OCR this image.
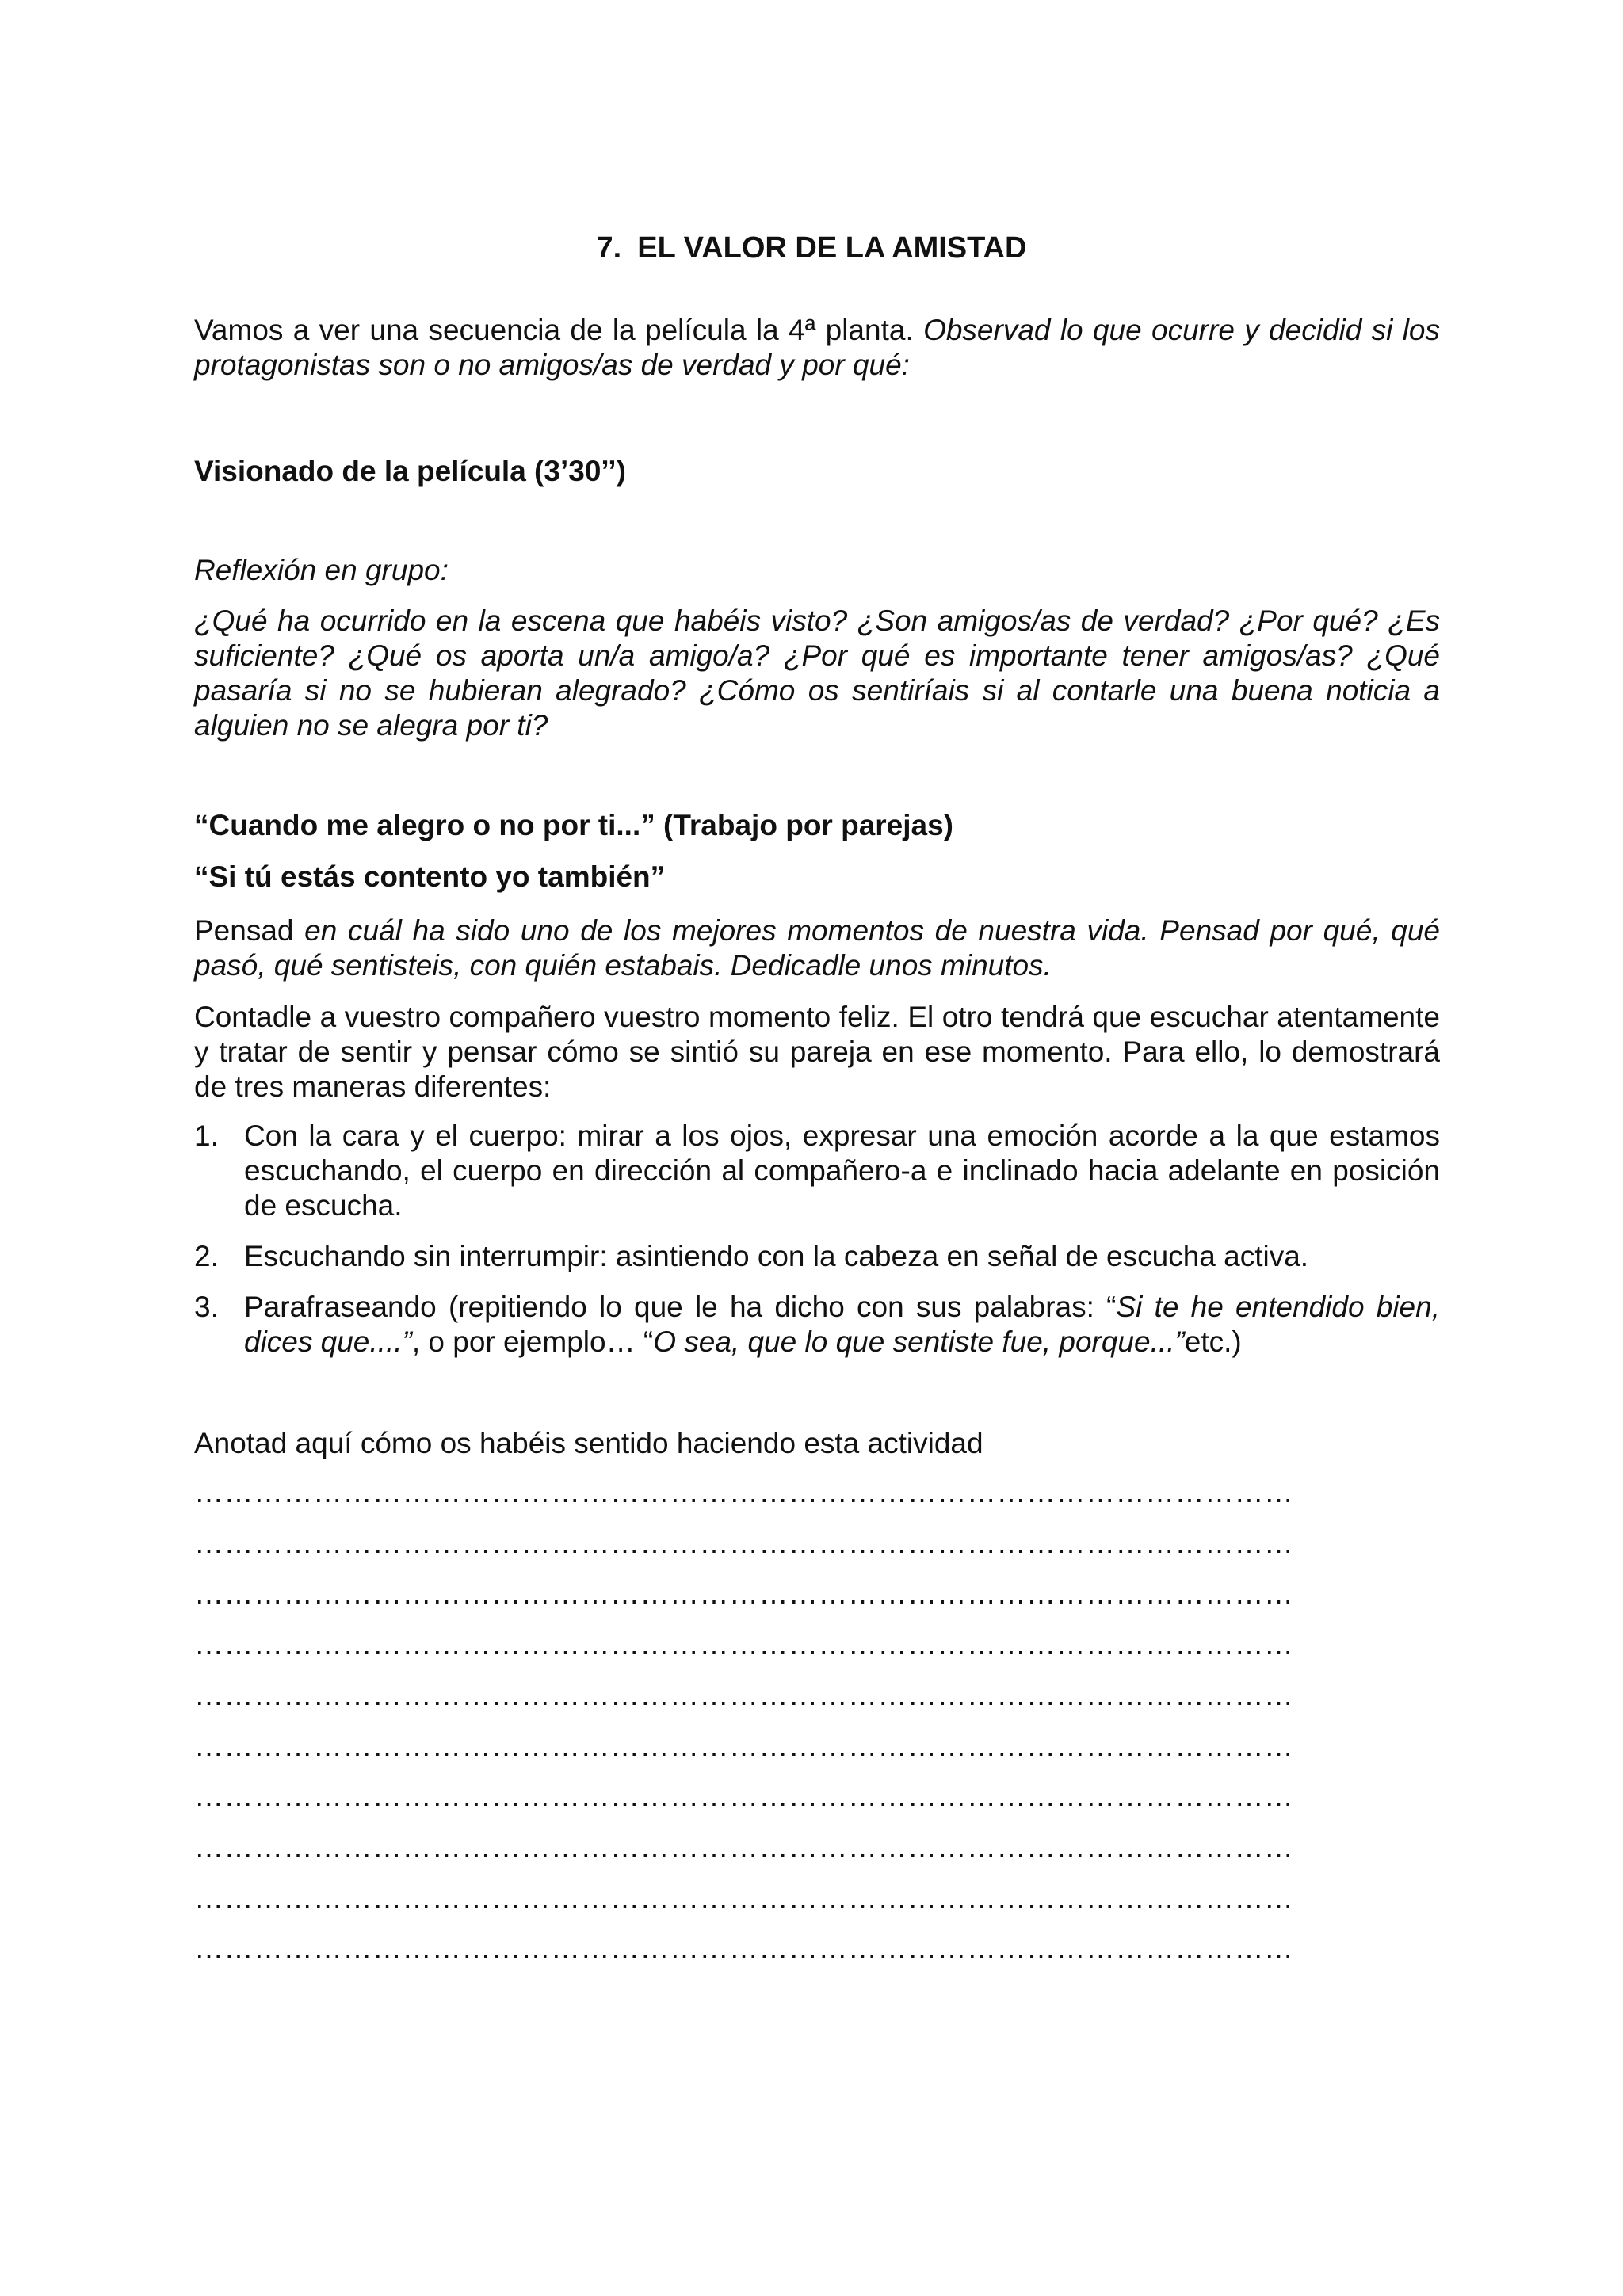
7. EL VALOR DE LA AMISTAD

Vamos a ver una secuencia de la película la 4ª planta. Observad lo que ocurre y decidid si los protagonistas son o no amigos/as de verdad y por qué:

Visionado de la película (3’30’’)

Reflexión en grupo:

¿Qué ha ocurrido en la escena que habéis visto? ¿Son amigos/as de verdad? ¿Por qué? ¿Es suficiente? ¿Qué os aporta un/a amigo/a? ¿Por qué es importante tener amigos/as? ¿Qué pasaría si no se hubieran alegrado? ¿Cómo os sentiríais si al contarle una buena noticia a alguien no se alegra por ti?

“Cuando me alegro o no por ti...” (Trabajo por parejas)

“Si tú estás contento yo también”

Pensad en cuál ha sido uno de los mejores momentos de nuestra vida. Pensad por qué, qué pasó, qué sentisteis, con quién estabais. Dedicadle unos minutos.

Contadle a vuestro compañero vuestro momento feliz. El otro tendrá que escuchar atentamente y tratar de sentir y pensar cómo se sintió su pareja en ese momento. Para ello, lo demostrará de tres maneras diferentes:

1. Con la cara y el cuerpo: mirar a los ojos, expresar una emoción acorde a la que estamos escuchando, el cuerpo en dirección al compañero-a e inclinado hacia adelante en posición de escucha.
2. Escuchando sin interrumpir: asintiendo con la cabeza en señal de escucha activa.
3. Parafraseando (repitiendo lo que le ha dicho con sus palabras: “Si te he entendido bien, dices que....”, o por ejemplo… “O sea, que lo que sentiste fue, porque...”etc.)

Anotad aquí cómo os habéis sentido haciendo esta actividad

…………………………………………………………………………………………………
…………………………………………………………………………………………………
…………………………………………………………………………………………………
…………………………………………………………………………………………………
…………………………………………………………………………………………………
…………………………………………………………………………………………………
…………………………………………………………………………………………………
…………………………………………………………………………………………………
…………………………………………………………………………………………………
…………………………………………………………………………………………………
